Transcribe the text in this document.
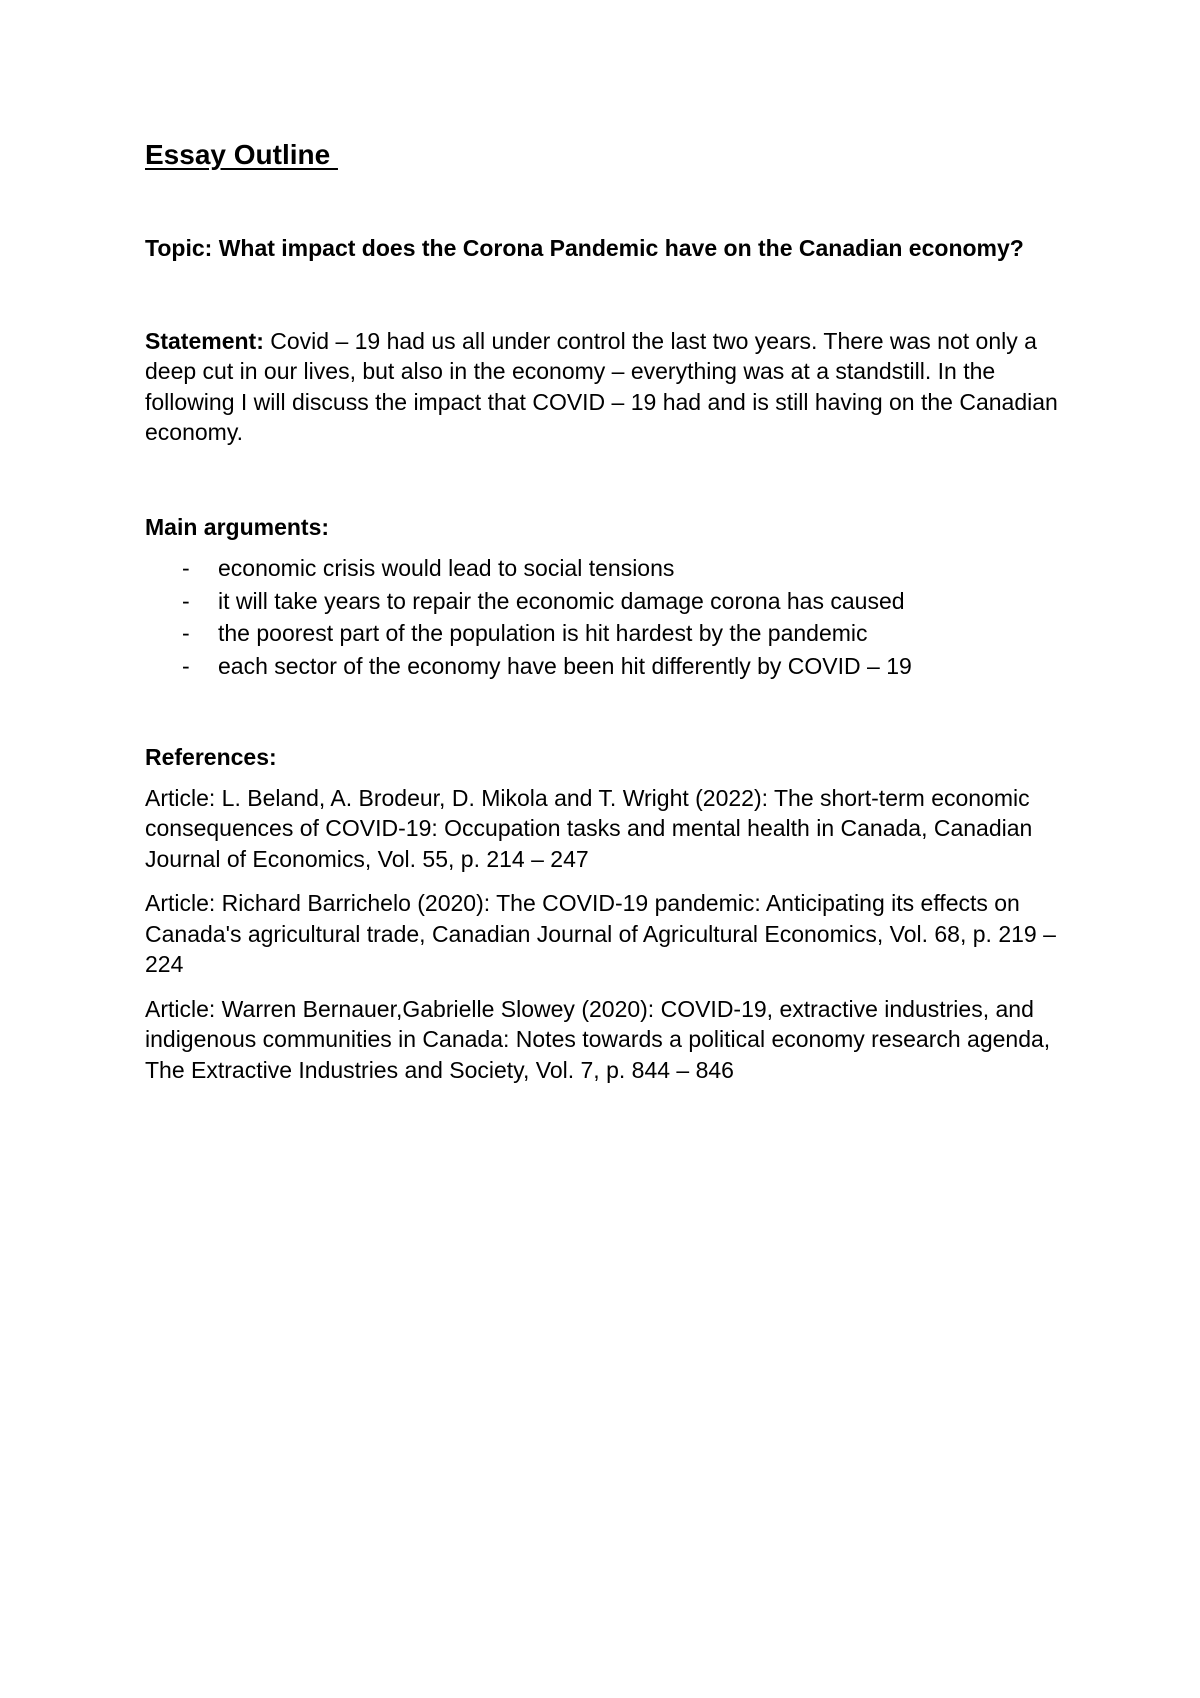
Essay Outline
Topic: What impact does the Corona Pandemic have on the Canadian economy?
Statement: Covid – 19 had us all under control the last two years. There was not only a deep cut in our lives, but also in the economy – everything was at a standstill. In the following I will discuss the impact that COVID – 19 had and is still having on the Canadian economy.
Main arguments:
- economic crisis would lead to social tensions
- it will take years to repair the economic damage corona has caused
- the poorest part of the population is hit hardest by the pandemic
- each sector of the economy have been hit differently by COVID – 19
References:
Article: L. Beland, A. Brodeur, D. Mikola and T. Wright (2022): The short-term economic consequences of COVID-19: Occupation tasks and mental health in Canada, Canadian Journal of Economics, Vol. 55, p. 214 – 247
Article: Richard Barrichelo (2020): The COVID-19 pandemic: Anticipating its effects on Canada's agricultural trade, Canadian Journal of Agricultural Economics, Vol. 68, p. 219 – 224
Article: Warren Bernauer,Gabrielle Slowey (2020): COVID-19, extractive industries, and indigenous communities in Canada: Notes towards a political economy research agenda, The Extractive Industries and Society, Vol. 7, p. 844 – 846
